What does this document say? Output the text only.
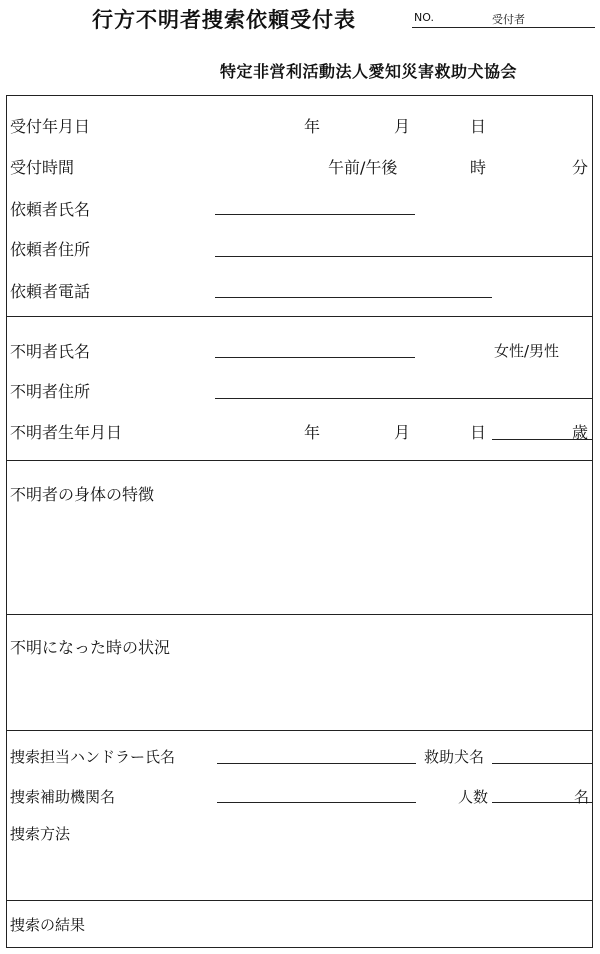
行方不明者捜索依頼受付表	NO.	受付者
特定非営利活動法人愛知災害救助犬協会
受付年月日	年	月	日
受付時間	午前/午後	時	分
依頼者氏名
依頼者住所
依頼者電話
不明者氏名	女性/男性
不明者住所
不明者生年月日	年	月	日	歳
不明者の身体の特徴
不明になった時の状況
捜索担当ハンドラー氏名	救助犬名
捜索補助機関名	人数	名
捜索方法
捜索の結果
